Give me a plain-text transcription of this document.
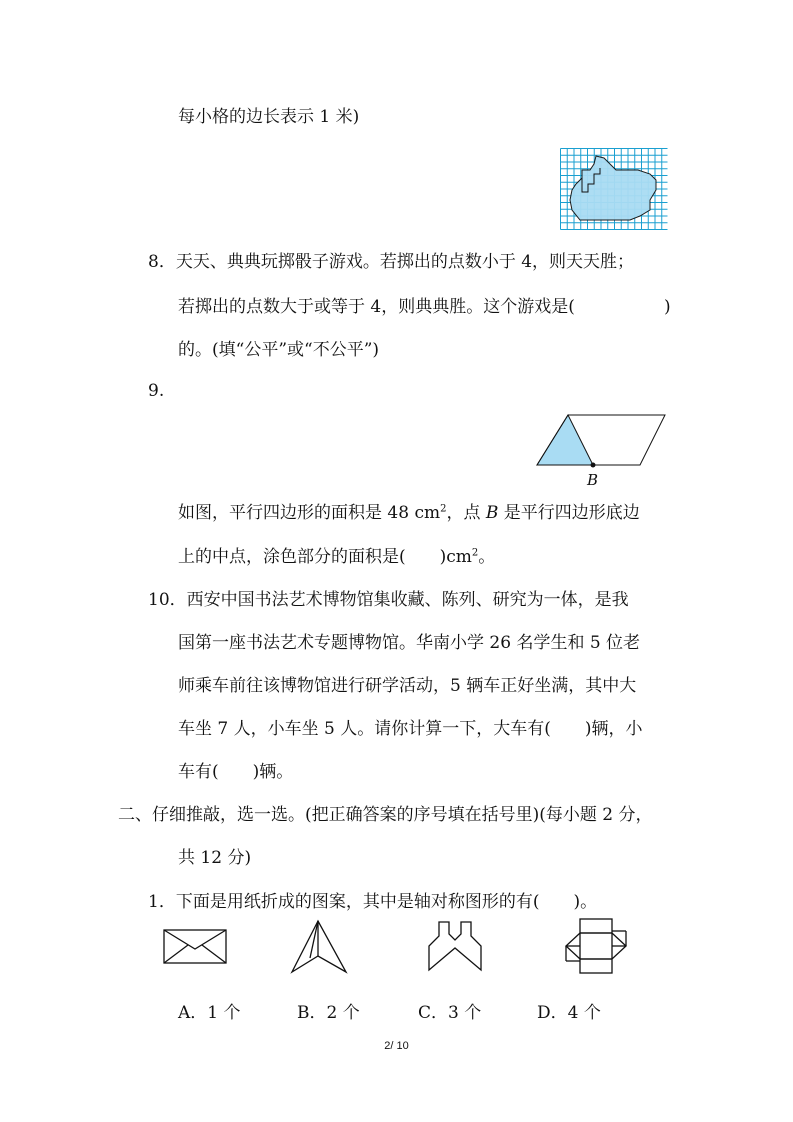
每小格的边长表示 1 米)
8．天天、典典玩掷骰子游戏。若掷出的点数小于 4，则天天胜；
若掷出的点数大于或等于 4，则典典胜。这个游戏是(	)
的。(填“公平”或“不公平”)
9.
B
如图，平行四边形的面积是 48 $cm^2$，点 B 是平行四边形底边
上的中点，涂色部分的面积是(　　)$cm^2$。
10．西安中国书法艺术博物馆集收藏、陈列、研究为一体，是我
国第一座书法艺术专题博物馆。华南小学 26 名学生和 5 位老
师乘车前往该博物馆进行研学活动，5 辆车正好坐满，其中大
车坐 7 人，小车坐 5 人。请你计算一下，大车有(　　)辆，小
车有(　　)辆。
二、仔细推敲，选一选。(把正确答案的序号填在括号里)(每小题 2 分，
共 12 分)
1．下面是用纸折成的图案，其中是轴对称图形的有(　　)。
A．1 个	B．2 个	C．3 个	D．4 个
2/ 10
